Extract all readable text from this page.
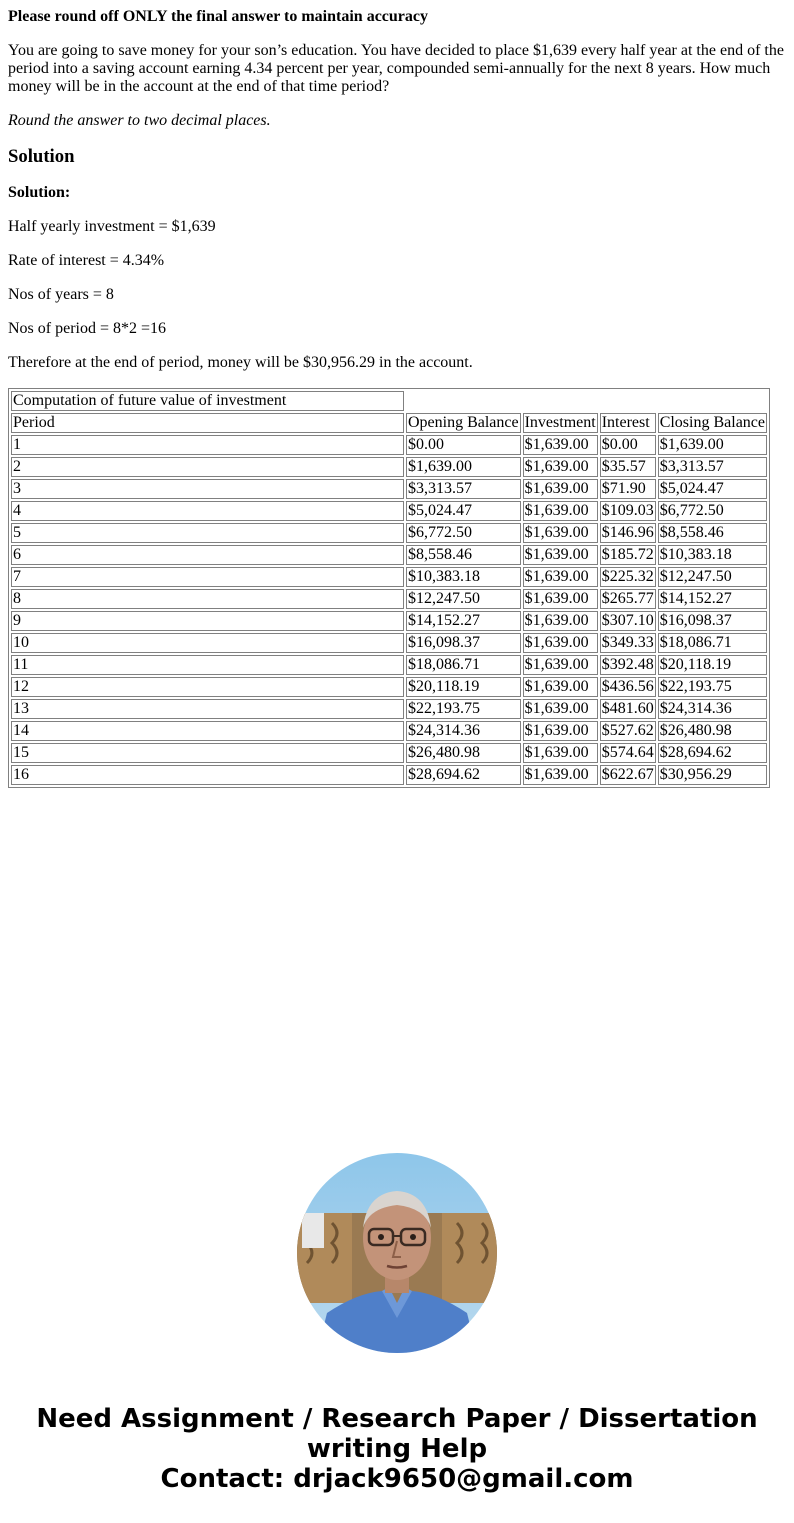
Please round off ONLY the final answer to maintain accuracy

You are going to save money for your son’s education. You have decided to place $1,639 every half year at the end of the period into a saving account earning 4.34 percent per year, compounded semi-annually for the next 8 years. How much money will be in the account at the end of that time period?

Round the answer to two decimal places.

Solution

Solution:

Half yearly investment = $1,639

Rate of interest = 4.34%

Nos of years = 8

Nos of period = 8*2 =16

Therefore at the end of period, money will be $30,956.29 in the account.

Computation of future value of investment				
Period	Opening Balance	Investment	Interest	Closing Balance
1	$0.00	$1,639.00	$0.00	$1,639.00
2	$1,639.00	$1,639.00	$35.57	$3,313.57
3	$3,313.57	$1,639.00	$71.90	$5,024.47
4	$5,024.47	$1,639.00	$109.03	$6,772.50
5	$6,772.50	$1,639.00	$146.96	$8,558.46
6	$8,558.46	$1,639.00	$185.72	$10,383.18
7	$10,383.18	$1,639.00	$225.32	$12,247.50
8	$12,247.50	$1,639.00	$265.77	$14,152.27
9	$14,152.27	$1,639.00	$307.10	$16,098.37
10	$16,098.37	$1,639.00	$349.33	$18,086.71
11	$18,086.71	$1,639.00	$392.48	$20,118.19
12	$20,118.19	$1,639.00	$436.56	$22,193.75
13	$22,193.75	$1,639.00	$481.60	$24,314.36
14	$24,314.36	$1,639.00	$527.62	$26,480.98
15	$26,480.98	$1,639.00	$574.64	$28,694.62
16	$28,694.62	$1,639.00	$622.67	$30,956.29
Need Assignment / Research Paper / Dissertation
writing Help
Contact: drjack9650@gmail.com
